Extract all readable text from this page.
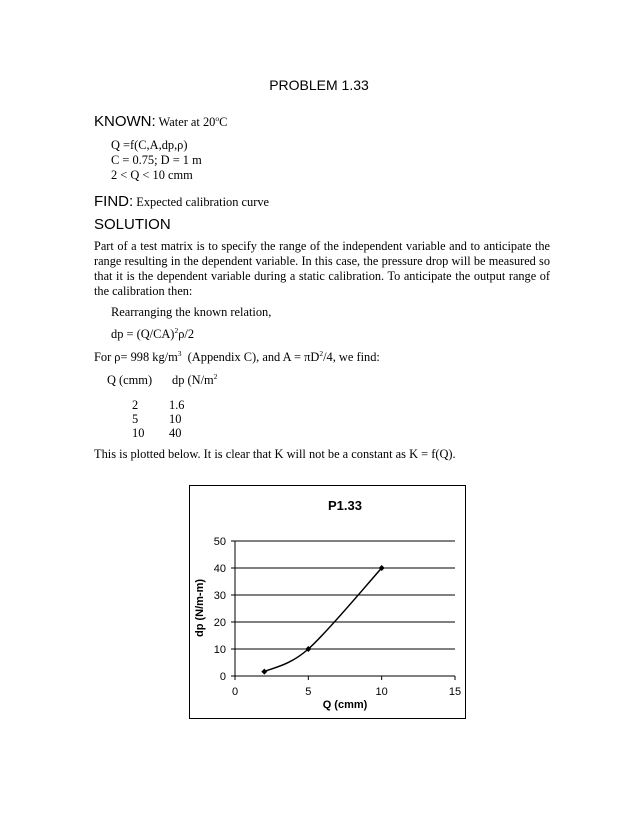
PROBLEM 1.33
KNOWN: Water at 20$^o$C
Q =f(C,A,dp,ρ)
C = 0.75; D = 1 m
2 < Q < 10 cmm
FIND: Expected calibration curve
SOLUTION
Part of a test matrix is to specify the range of the independent variable and to anticipate the range resulting in the dependent variable. In this case, the pressure drop will be measured so that it is the dependent variable during a static calibration. To anticipate the output range of the calibration then:
Rearranging the known relation,
dp = $(Q/CA)^2\rho/2$
For ρ= 998 $kg/m^3$  (Appendix C), and $A = \pi D^2/4$, we find:
Q (cmm) dp ($N/m^2$
2 1.6
5 10
10 40
This is plotted below. It is clear that K will not be a constant as K = f(Q).
P1.33
0
10
20
30
40
50
0	5	10	15
Q (cmm)
dp (N/m-m)
